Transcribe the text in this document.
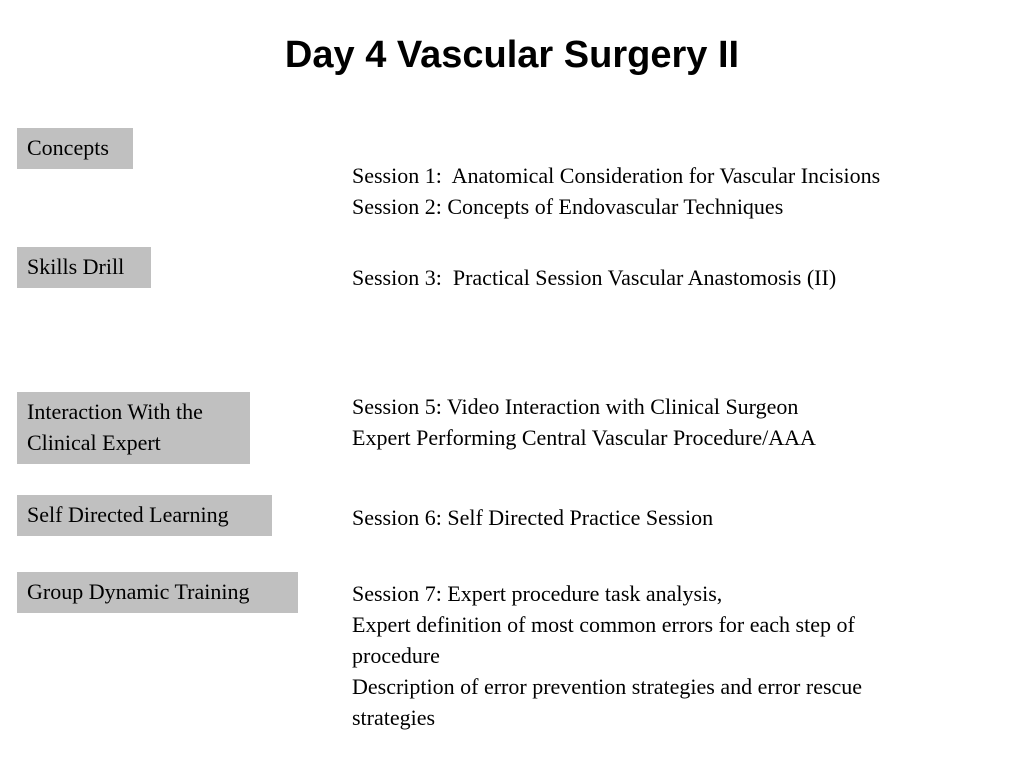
Day 4 Vascular Surgery II
Concepts
Skills Drill
Interaction With the
Clinical Expert
Self Directed Learning
Group Dynamic Training
Session 1:  Anatomical Consideration for Vascular Incisions
Session 2: Concepts of Endovascular Techniques
Session 3:  Practical Session Vascular Anastomosis (II)
Session 5: Video Interaction with Clinical Surgeon
Expert Performing Central Vascular Procedure/AAA
Session 6: Self Directed Practice Session
Session 7: Expert procedure task analysis,
Expert definition of most common errors for each step of
procedure
Description of error prevention strategies and error rescue
strategies
